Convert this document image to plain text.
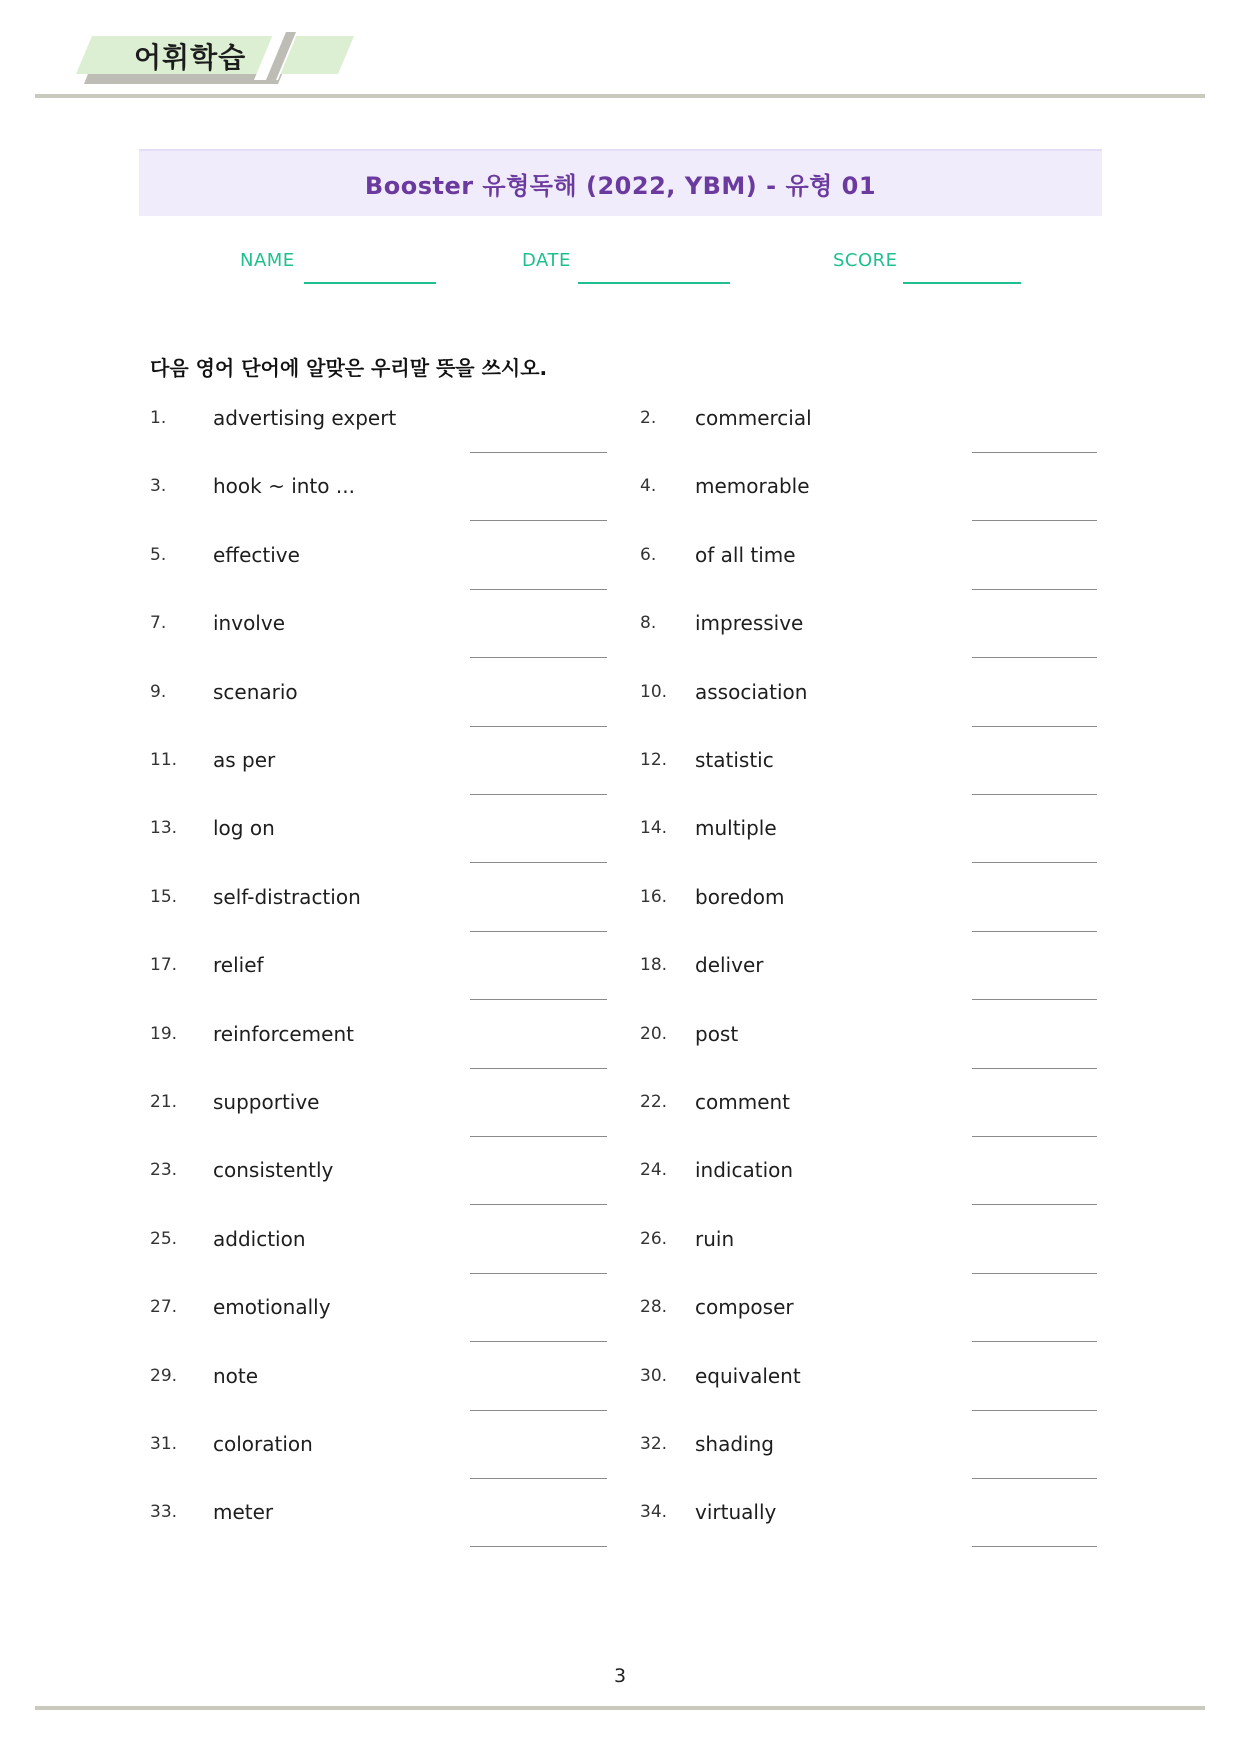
어휘학습
Booster 유형독해 (2022, YBM) - 유형 01
NAME	DATE	SCORE
다음 영어 단어에 알맞은 우리말 뜻을 쓰시오.
1. advertising expert	2. commercial
3. hook ~ into ...	4. memorable
5. effective	6. of all time
7. involve	8. impressive
9. scenario	10. association
11. as per	12. statistic
13. log on	14. multiple
15. self-distraction	16. boredom
17. relief	18. deliver
19. reinforcement	20. post
21. supportive	22. comment
23. consistently	24. indication
25. addiction	26. ruin
27. emotionally	28. composer
29. note	30. equivalent
31. coloration	32. shading
33. meter	34. virtually
3
